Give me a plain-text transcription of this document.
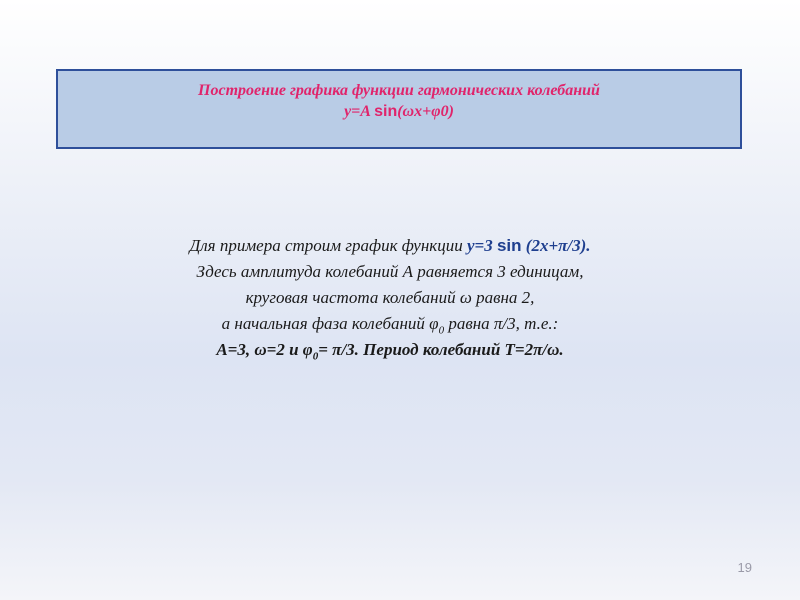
Построение графика функции гармонических колебаний
y=A sin(ωx+φ0)
Для примера строим график функции у=3 sin (2х+π/3).
Здесь амплитуда колебаний А равняется 3 единицам,
круговая частота колебаний ω равна 2,
а начальная фаза колебаний $\varphi_0$ равна π/3, т.е.:
А=3, ω=2 и $\varphi_0= \pi/3$. Период колебаний Т=2π/ω.
19
